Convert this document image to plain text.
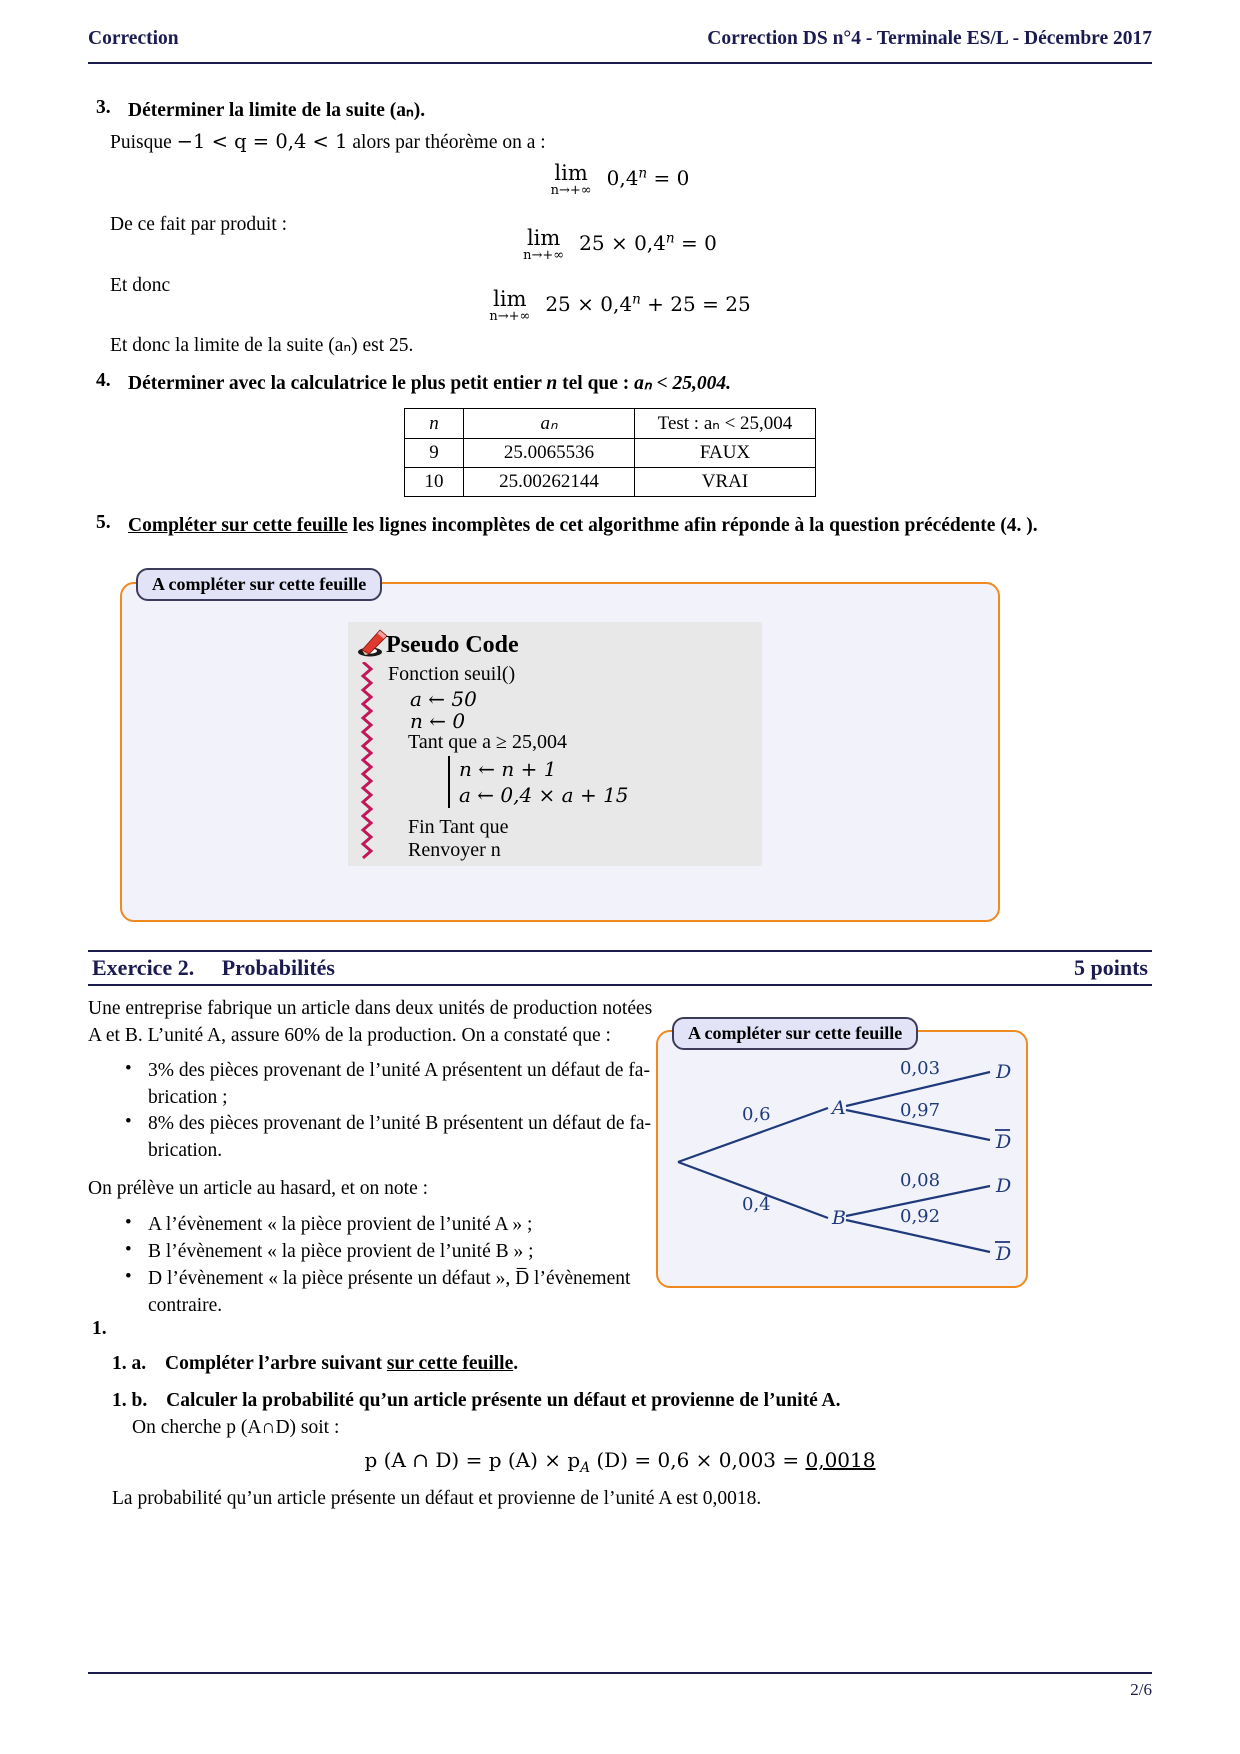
Correction	Correction DS n°4 - Terminale ES/L - Décembre 2017
3. Déterminer la limite de la suite (aₙ).
Puisque −1 < q = 0,4 < 1 alors par théorème on a :
lim
n→+∞
$0,4^n = 0$
De ce fait par produit :
lim
n→+∞
$25 \times 0,4^n = 0$
Et donc
lim
n→+∞
$25 \times 0,4^n + 25 = 25$
Et donc la limite de la suite (aₙ) est 25.
4. Déterminer avec la calculatrice le plus petit entier n tel que : aₙ < 25,004.
n	aₙ	Test : aₙ < 25,004
9	25.0065536	FAUX
10	25.00262144	VRAI
5. Compléter sur cette feuille les lignes incomplètes de cet algorithme afin réponde à la question précédente (4. ).
A compléter sur cette feuille
Pseudo Code
Fonction seuil()
a ← 50
n ← 0
Tant que a ≥ 25,004
n ← n + 1
a ← 0,4 × a + 15
Fin Tant que
Renvoyer n
Exercice 2. Probabilités	5 points
Une entreprise fabrique un article dans deux unités de production notées
A et B. L’unité A, assure 60% de la production. On a constaté que :
• 3% des pièces provenant de l’unité A présentent un défaut de fa-
brication ;
• 8% des pièces provenant de l’unité B présentent un défaut de fa-
brication.
On prélève un article au hasard, et on note :
• A l’évènement « la pièce provient de l’unité A » ;
• B l’évènement « la pièce provient de l’unité B » ;
• D l’évènement « la pièce présente un défaut », D̅ l’évènement
contraire.
1.
1. a. Compléter l’arbre suivant sur cette feuille.
1. b. Calculer la probabilité qu’un article présente un défaut et provienne de l’unité A.
On cherche p (A∩D) soit :
p (A ∩ D) = p $(A) \times p_A$ (D) = 0,6 × 0,003 = 0,0018
La probabilité qu’un article présente un défaut et provienne de l’unité A est 0,0018.
A compléter sur cette feuille
A
B
D
D
D
D
0,6
0,4
0,03
0,97
0,08
0,92
2/6
